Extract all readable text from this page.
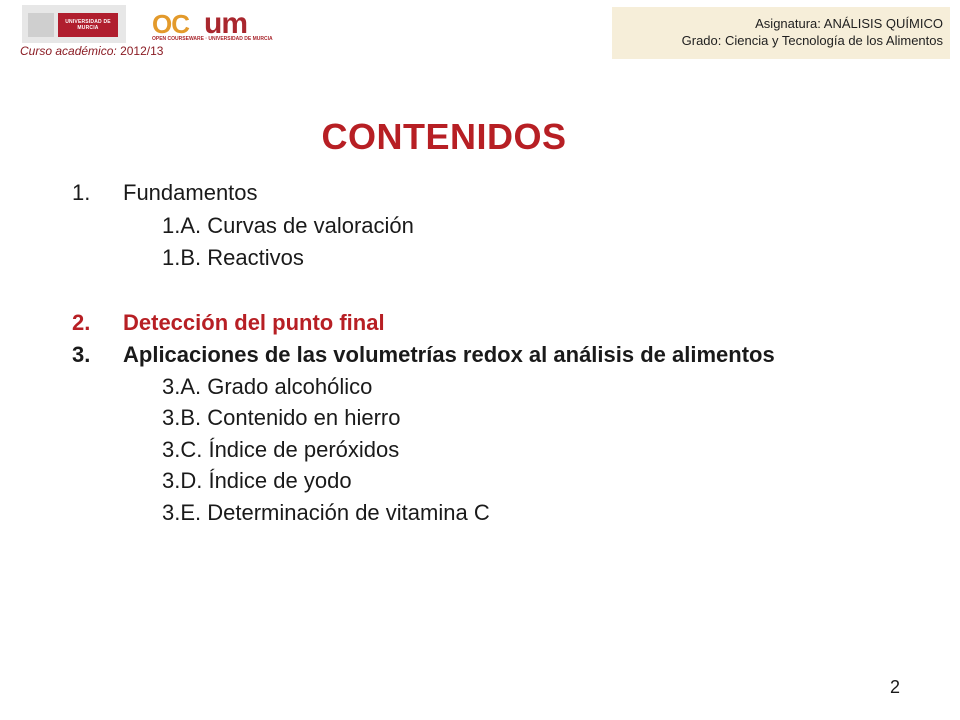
UNIVERSIDAD DE MURCIA	OC um
OPEN COURSEWARE · UNIVERSIDAD DE MURCIA
Curso académico: 2012/13
Asignatura: ANÁLISIS QUÍMICO
Grado: Ciencia y Tecnología de los Alimentos
CONTENIDOS
1. Fundamentos
1.A. Curvas de valoración
1.B. Reactivos
2. Detección del punto final
3. Aplicaciones de las volumetrías redox al análisis de alimentos
3.A. Grado alcohólico
3.B. Contenido en hierro
3.C. Índice de peróxidos
3.D. Índice de yodo
3.E. Determinación de vitamina C
2
